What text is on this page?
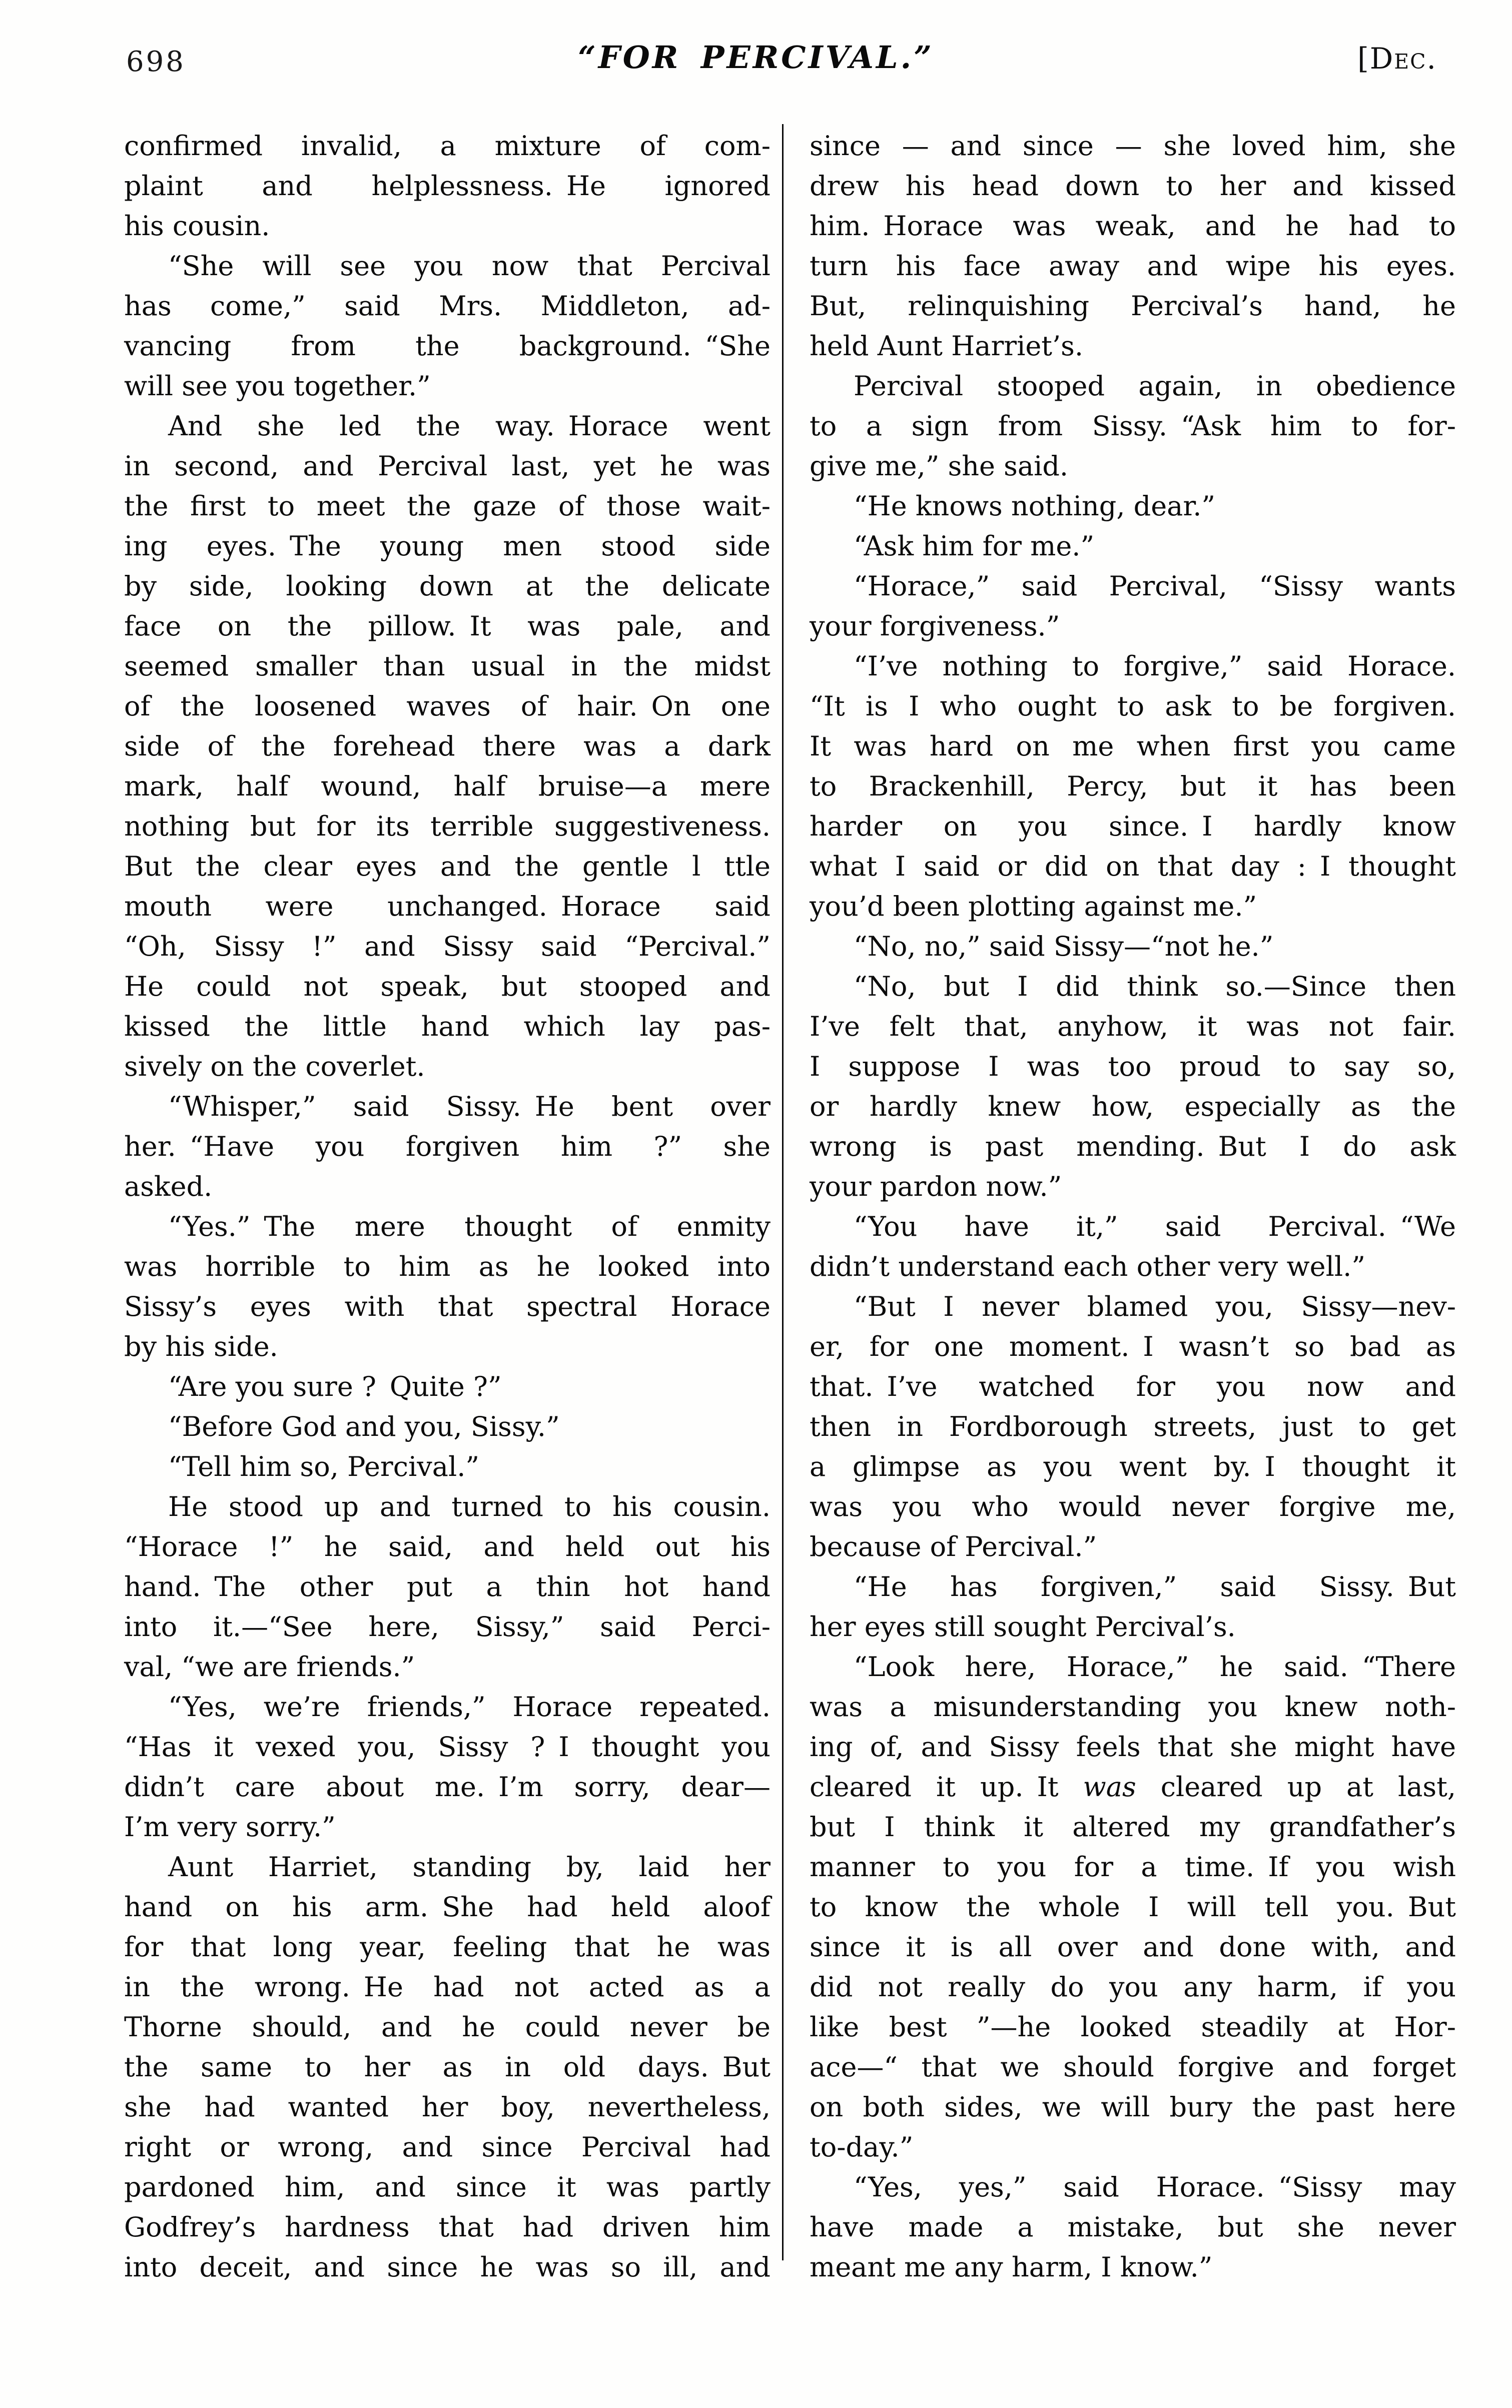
698	“FOR PERCIVAL.”	[Dec.
confirmed invalid, a mixture of com-
plaint and helplessness. He ignored
his cousin.
“She will see you now that Percival
has come,” said Mrs. Middleton, ad-
vancing from the background. “She
will see you together.”
And she led the way. Horace went
in second, and Percival last, yet he was
the first to meet the gaze of those wait-
ing eyes. The young men stood side
by side, looking down at the delicate
face on the pillow. It was pale, and
seemed smaller than usual in the midst
of the loosened waves of hair. On one
side of the forehead there was a dark
mark, half wound, half bruise—a mere
nothing but for its terrible suggestiveness.
But the clear eyes and the gentle l ttle
mouth were unchanged. Horace said
“Oh, Sissy !” and Sissy said “Percival.”
He could not speak, but stooped and
kissed the little hand which lay pas-
sively on the coverlet.
“Whisper,” said Sissy. He bent over
her. “Have you forgiven him ?” she
asked.
“Yes.” The mere thought of enmity
was horrible to him as he looked into
Sissy’s eyes with that spectral Horace
by his side.
“Are you sure ? Quite ?”
“Before God and you, Sissy.”
“Tell him so, Percival.”
He stood up and turned to his cousin.
“Horace !” he said, and held out his
hand. The other put a thin hot hand
into it.—“See here, Sissy,” said Perci-
val, “we are friends.”
“Yes, we’re friends,” Horace repeated.
“Has it vexed you, Sissy ? I thought you
didn’t care about me. I’m sorry, dear—
I’m very sorry.”
Aunt Harriet, standing by, laid her
hand on his arm. She had held aloof
for that long year, feeling that he was
in the wrong. He had not acted as a
Thorne should, and he could never be
the same to her as in old days. But
she had wanted her boy, nevertheless,
right or wrong, and since Percival had
pardoned him, and since it was partly
Godfrey’s hardness that had driven him
into deceit, and since he was so ill, and
since — and since — she loved him, she
drew his head down to her and kissed
him. Horace was weak, and he had to
turn his face away and wipe his eyes.
But, relinquishing Percival’s hand, he
held Aunt Harriet’s.
Percival stooped again, in obedience
to a sign from Sissy. “Ask him to for-
give me,” she said.
“He knows nothing, dear.”
“Ask him for me.”
“Horace,” said Percival, “Sissy wants
your forgiveness.”
“I’ve nothing to forgive,” said Horace.
“It is I who ought to ask to be forgiven.
It was hard on me when first you came
to Brackenhill, Percy, but it has been
harder on you since. I hardly know
what I said or did on that day : I thought
you’d been plotting against me.”
“No, no,” said Sissy—“not he.”
“No, but I did think so.—Since then
I’ve felt that, anyhow, it was not fair.
I suppose I was too proud to say so,
or hardly knew how, especially as the
wrong is past mending. But I do ask
your pardon now.”
“You have it,” said Percival. “We
didn’t understand each other very well.”
“But I never blamed you, Sissy—nev-
er, for one moment. I wasn’t so bad as
that. I’ve watched for you now and
then in Fordborough streets, just to get
a glimpse as you went by. I thought it
was you who would never forgive me,
because of Percival.”
“He has forgiven,” said Sissy. But
her eyes still sought Percival’s.
“Look here, Horace,” he said. “There
was a misunderstanding you knew noth-
ing of, and Sissy feels that she might have
cleared it up. It was cleared up at last,
but I think it altered my grandfather’s
manner to you for a time. If you wish
to know the whole I will tell you. But
since it is all over and done with, and
did not really do you any harm, if you
like best ”—he looked steadily at Hor-
ace—“ that we should forgive and forget
on both sides, we will bury the past here
to-day.”
“Yes, yes,” said Horace. “Sissy may
have made a mistake, but she never
meant me any harm, I know.”
